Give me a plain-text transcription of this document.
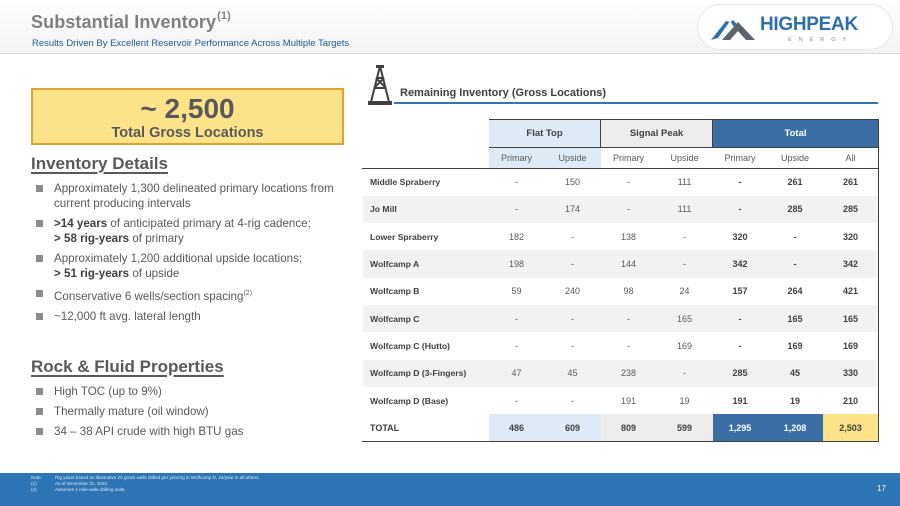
Substantial Inventory$^{(1)}$
Results Driven By Excellent Reservoir Performance Across Multiple Targets
HIGHPEAK
ENERGY
~ 2,500
Total Gross Locations
Inventory Details
Approximately 1,300 delineated primary locations from current producing intervals
>14 years of anticipated primary at 4-rig cadence;
> 58 rig-years of primary
Approximately 1,200 additional upside locations;
> 51 rig-years of upside
Conservative 6 wells/section spacing$^{(2)}$
~12,000 ft avg. lateral length
Rock & Fluid Properties
High TOC (up to 9%)
Thermally mature (oil window)
34 – 38 API crude with high BTU gas
Remaining Inventory (Gross Locations)
	Flat Top		Signal Peak		Total		
	Primary	Upside	Primary	Upside	Primary	Upside	All
Middle Spraberry	-	150	-	111	-	261	261
Jo Mill	-	174	-	111	-	285	285
Lower Spraberry	182	-	138	-	320	-	320
Wolfcamp A	198	-	144	-	342	-	342
Wolfcamp B	59	240	98	24	157	264	421
Wolfcamp C	-	-	-	165	-	165	165
Wolfcamp C (Hutto)	-	-	-	169	-	169	169
Wolfcamp D (3-Fingers)	47	45	238	-	285	45	330
Wolfcamp D (Base)	-	-	191	19	191	19	210
TOTAL	486	609	809	599	1,295	1,208	2,503
Note:	Rig years based on illustrative 20 gross wells drilled per year/rig in Wolfcamp D, 24/year in all others.
(1)	As of December 31, 2022.
(2)	Assumes 1-mile-wide drilling units.	17
